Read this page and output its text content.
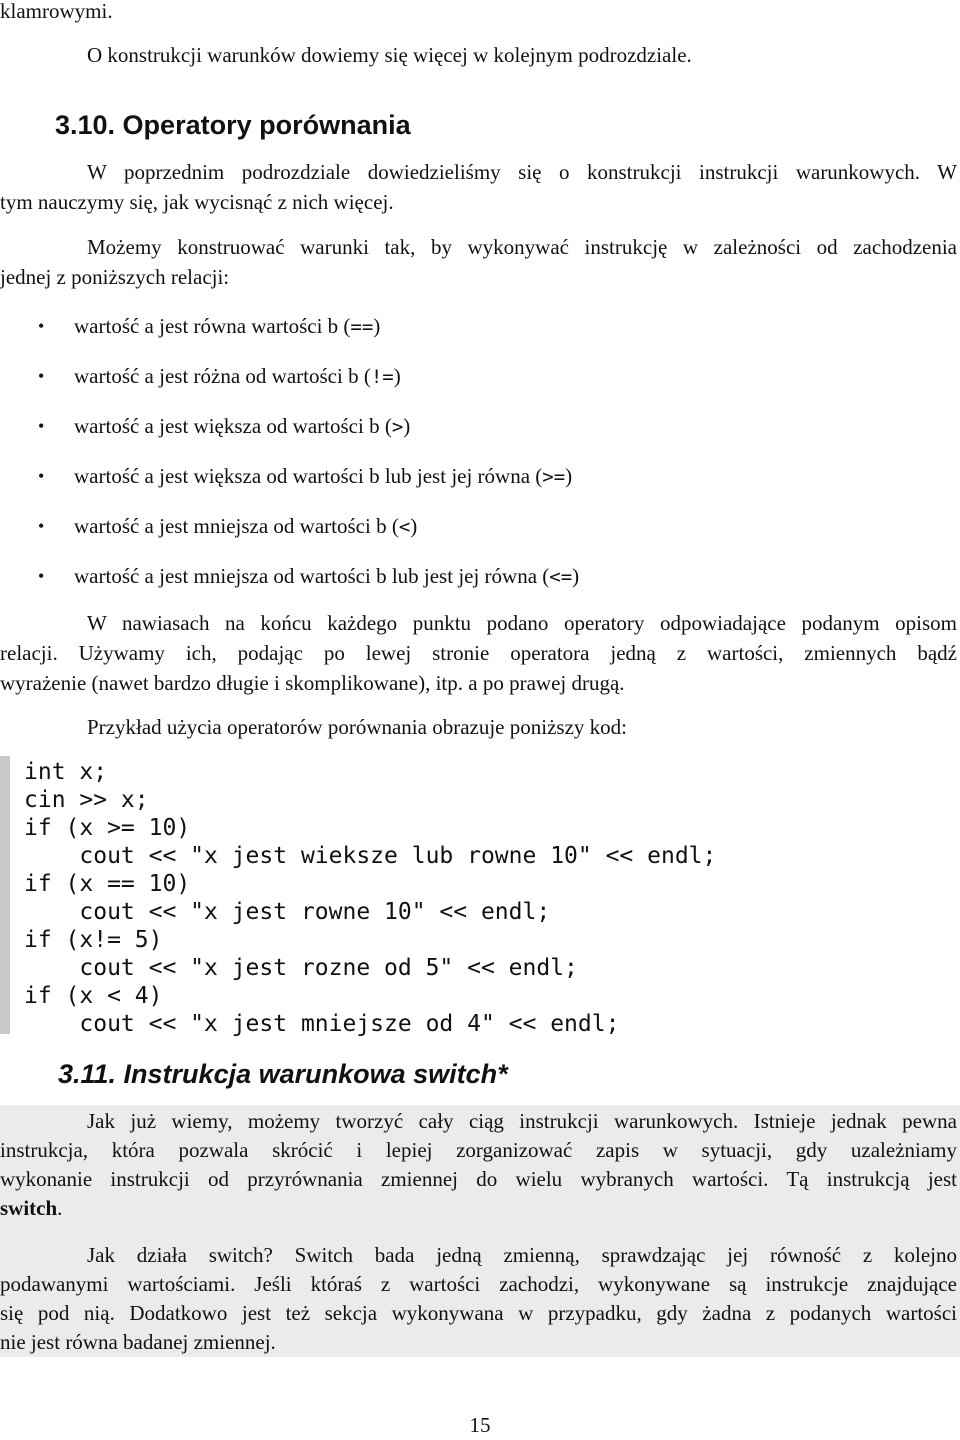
klamrowymi.
O konstrukcji warunków dowiemy się więcej w kolejnym podrozdziale.
3.10. Operatory porównania
W poprzednim podrozdziale dowiedzieliśmy się o konstrukcji instrukcji warunkowych. W
tym nauczymy się, jak wycisnąć z nich więcej.
Możemy konstruować warunki tak, by wykonywać instrukcję w zależności od zachodzenia
jednej z poniższych relacji:
• wartość a jest równa wartości b (==)
• wartość a jest różna od wartości b (!=)
• wartość a jest większa od wartości b (>)
• wartość a jest większa od wartości b lub jest jej równa (>=)
• wartość a jest mniejsza od wartości b (<)
• wartość a jest mniejsza od wartości b lub jest jej równa (<=)
W nawiasach na końcu każdego punktu podano operatory odpowiadające podanym opisom
relacji. Używamy ich, podając po lewej stronie operatora jedną z wartości, zmiennych bądź
wyrażenie (nawet bardzo długie i skomplikowane), itp. a po prawej drugą.
Przykład użycia operatorów porównania obrazuje poniższy kod:
int x;
cin >> x;
if (x >= 10)
cout << "x jest wieksze lub rowne 10" << endl;
if (x == 10)
cout << "x jest rowne 10" << endl;
if (x!= 5)
cout << "x jest rozne od 5" << endl;
if (x < 4)
cout << "x jest mniejsze od 4" << endl;
3.11. Instrukcja warunkowa switch*
Jak już wiemy, możemy tworzyć cały ciąg instrukcji warunkowych. Istnieje jednak pewna
instrukcja, która pozwala skrócić i lepiej zorganizować zapis w sytuacji, gdy uzależniamy
wykonanie instrukcji od przyrównania zmiennej do wielu wybranych wartości. Tą instrukcją jest
switch.
Jak działa switch? Switch bada jedną zmienną, sprawdzając jej równość z kolejno
podawanymi wartościami. Jeśli któraś z wartości zachodzi, wykonywane są instrukcje znajdujące
się pod nią. Dodatkowo jest też sekcja wykonywana w przypadku, gdy żadna z podanych wartości
nie jest równa badanej zmiennej.
15
